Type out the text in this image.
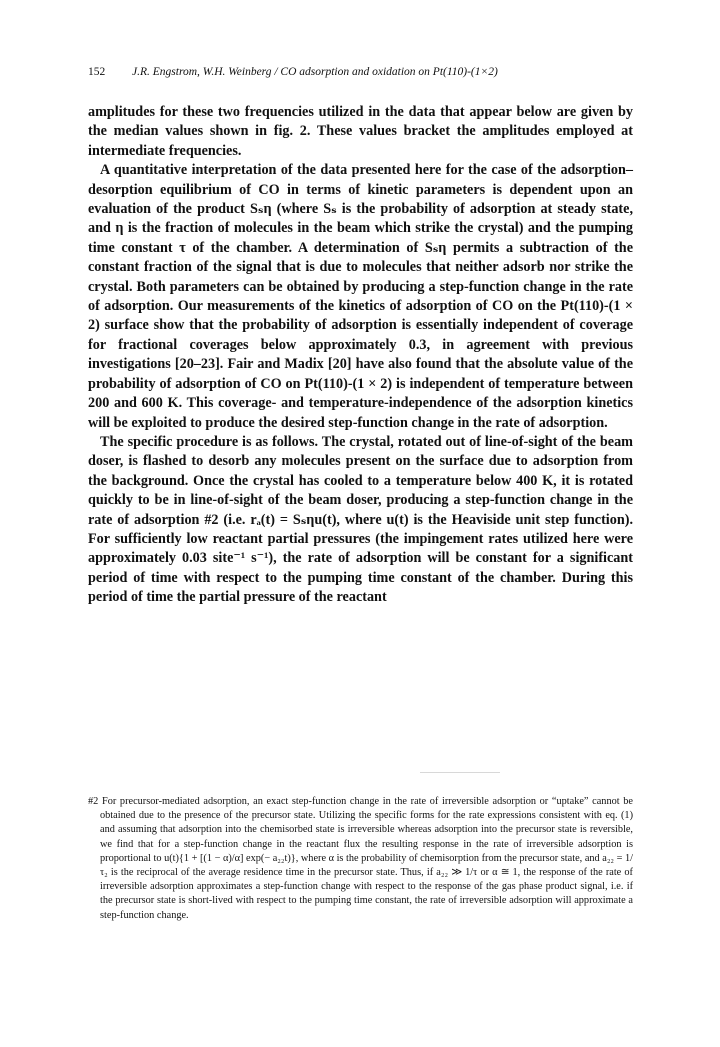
152 J.R. Engstrom, W.H. Weinberg / CO adsorption and oxidation on Pt(110)-(1×2)

amplitudes for these two frequencies utilized in the data that appear below are given by the median values shown in fig. 2. These values bracket the amplitudes employed at intermediate frequencies.

A quantitative interpretation of the data presented here for the case of the adsorption–desorption equilibrium of CO in terms of kinetic parameters is dependent upon an evaluation of the product Sₛη (where Sₛ is the probability of adsorption at steady state, and η is the fraction of molecules in the beam which strike the crystal) and the pumping time constant τ of the chamber. A determination of Sₛη permits a subtraction of the constant fraction of the signal that is due to molecules that neither adsorb nor strike the crystal. Both parameters can be obtained by producing a step-function change in the rate of adsorption. Our measurements of the kinetics of adsorption of CO on the Pt(110)-(1 × 2) surface show that the probability of adsorption is essentially independent of coverage for fractional coverages below approximately 0.3, in agreement with previous investigations [20–23]. Fair and Madix [20] have also found that the absolute value of the probability of adsorption of CO on Pt(110)-(1 × 2) is independent of temperature between 200 and 600 K. This coverage- and temperature-independence of the adsorption kinetics will be exploited to produce the desired step-function change in the rate of adsorption.

The specific procedure is as follows. The crystal, rotated out of line-of-sight of the beam doser, is flashed to desorb any molecules present on the surface due to adsorption from the background. Once the crystal has cooled to a temperature below 400 K, it is rotated quickly to be in line-of-sight of the beam doser, producing a step-function change in the rate of adsorption #2 (i.e. rₐ(t) = Sₛηu(t), where u(t) is the Heaviside unit step function). For sufficiently low reactant partial pressures (the impingement rates utilized here were approximately 0.03 site⁻¹ s⁻¹), the rate of adsorption will be constant for a significant period of time with respect to the pumping time constant of the chamber. During this period of time the partial pressure of the reactant

#2 For precursor-mediated adsorption, an exact step-function change in the rate of irreversible adsorption or “uptake” cannot be obtained due to the presence of the precursor state. Utilizing the specific forms for the rate expressions consistent with eq. (1) and assuming that adsorption into the chemisorbed state is irreversible whereas adsorption into the precursor state is reversible, we find that for a step-function change in the reactant flux the resulting response in the rate of irreversible adsorption is proportional to u(t){1 + [(1 − α)/α] exp(− a₂₂t)}, where α is the probability of chemisorption from the precursor state, and a₂₂ = 1/τ₂ is the reciprocal of the average residence time in the precursor state. Thus, if a₂₂ ≫ 1/τ or α ≅ 1, the response of the rate of irreversible adsorption approximates a step-function change with respect to the response of the gas phase product signal, i.e. if the precursor state is short-lived with respect to the pumping time constant, the rate of irreversible adsorption will approximate a step-function change.
